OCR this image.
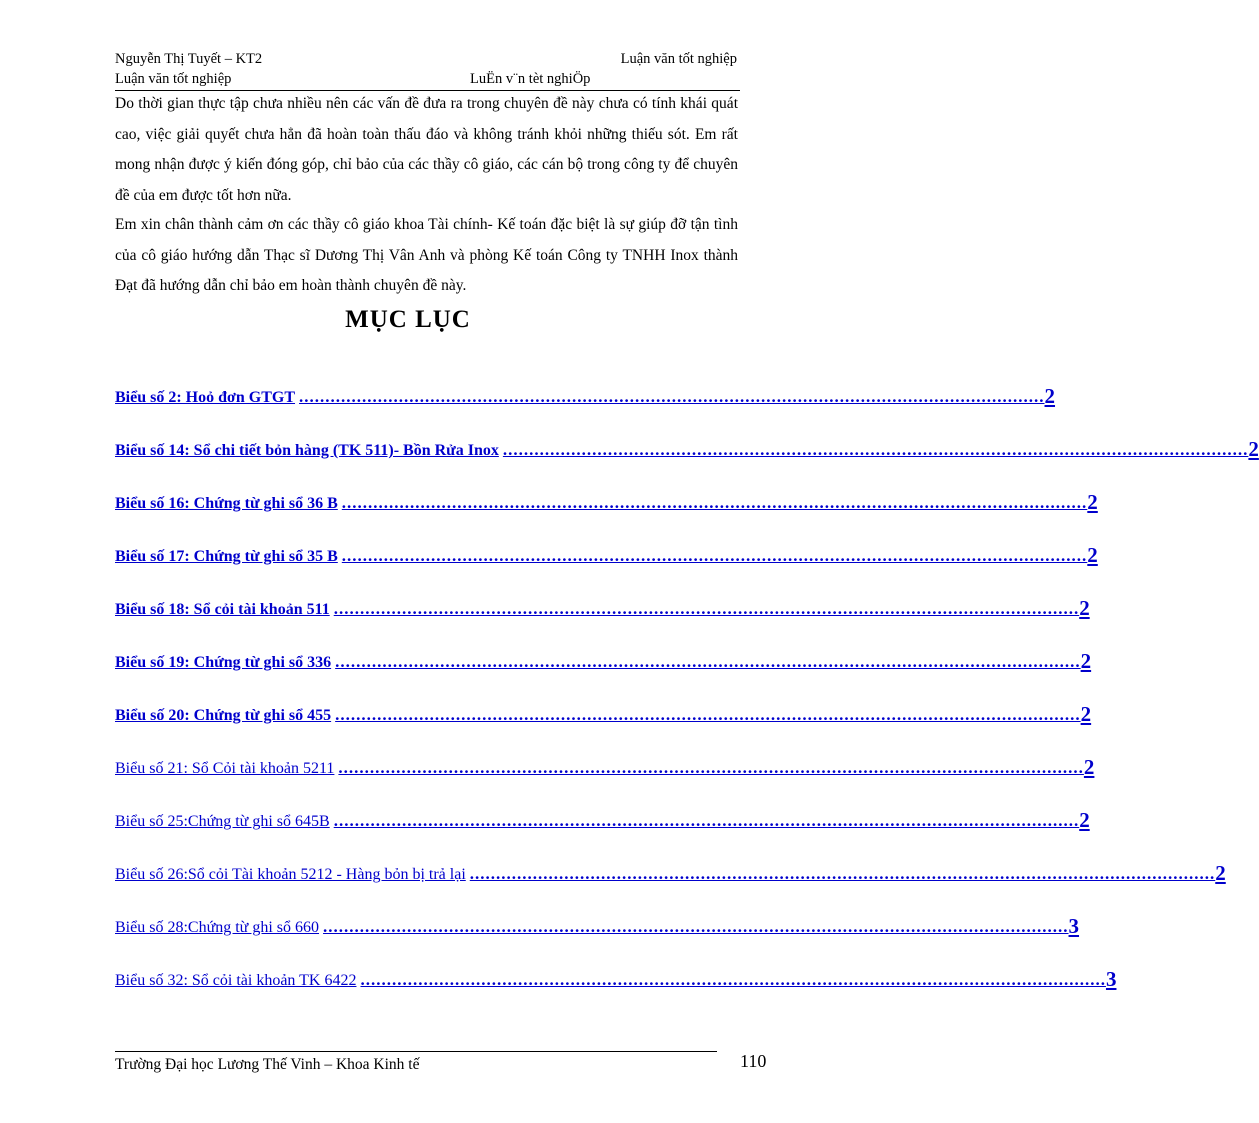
Nguyễn Thị Tuyết – KT2	Luận văn tốt nghiệp
Luận văn tốt nghiệp	LuËn v¨n tèt nghiÖp

Do thời gian thực tập chưa nhiều nên các vấn đề đưa ra trong chuyên đề này chưa có tính khái quát cao, việc giải quyết chưa hẳn đã hoàn toàn thấu đáo và không tránh khỏi những thiếu sót. Em rất mong nhận được ý kiến đóng góp, chỉ bảo của các thầy cô giáo, các cán bộ trong công ty để chuyên đề của em được tốt hơn nữa.

Em xin chân thành cảm ơn các thầy cô giáo khoa Tài chính- Kế toán đặc biệt là sự giúp đỡ tận tình của cô giáo hướng dẫn Thạc sĩ Dương Thị Vân Anh và phòng Kế toán Công ty TNHH Inox thành Đạt đã hướng dẫn chỉ bảo em hoàn thành chuyên đề này.

MỤC LỤC
Biểu số 2: Hoỏ đơn GTGT .............................................................................................................................................. 2
Biểu số 14: Sổ chi tiết bỏn hàng (TK 511)- Bồn Rửa Inox .............................................................................................................................................. 2
Biểu số 16: Chứng từ ghi sổ 36 B .............................................................................................................................................. 2
Biểu số 17: Chứng từ ghi sổ 35 B .............................................................................................................................................. 2
Biểu số 18: Sổ cỏi tài khoản 511 .............................................................................................................................................. 2
Biểu số 19: Chứng từ ghi sổ 336 .............................................................................................................................................. 2
Biểu số 20: Chứng từ ghi sổ 455 .............................................................................................................................................. 2
Biểu số 21: Sổ Cỏi tài khoản 5211 .............................................................................................................................................. 2
Biểu số 25:Chứng từ ghi sổ 645B .............................................................................................................................................. 2
Biểu số 26:Sổ cỏi Tài khoản 5212 - Hàng bỏn bị trả lại .............................................................................................................................................. 2
Biểu số 28:Chứng từ ghi sổ 660 .............................................................................................................................................. 3
Biểu số 32: Sổ cỏi tài khoản TK 6422 .............................................................................................................................................. 3
Trường Đại học Lương Thế Vinh – Khoa Kinh tế	110
